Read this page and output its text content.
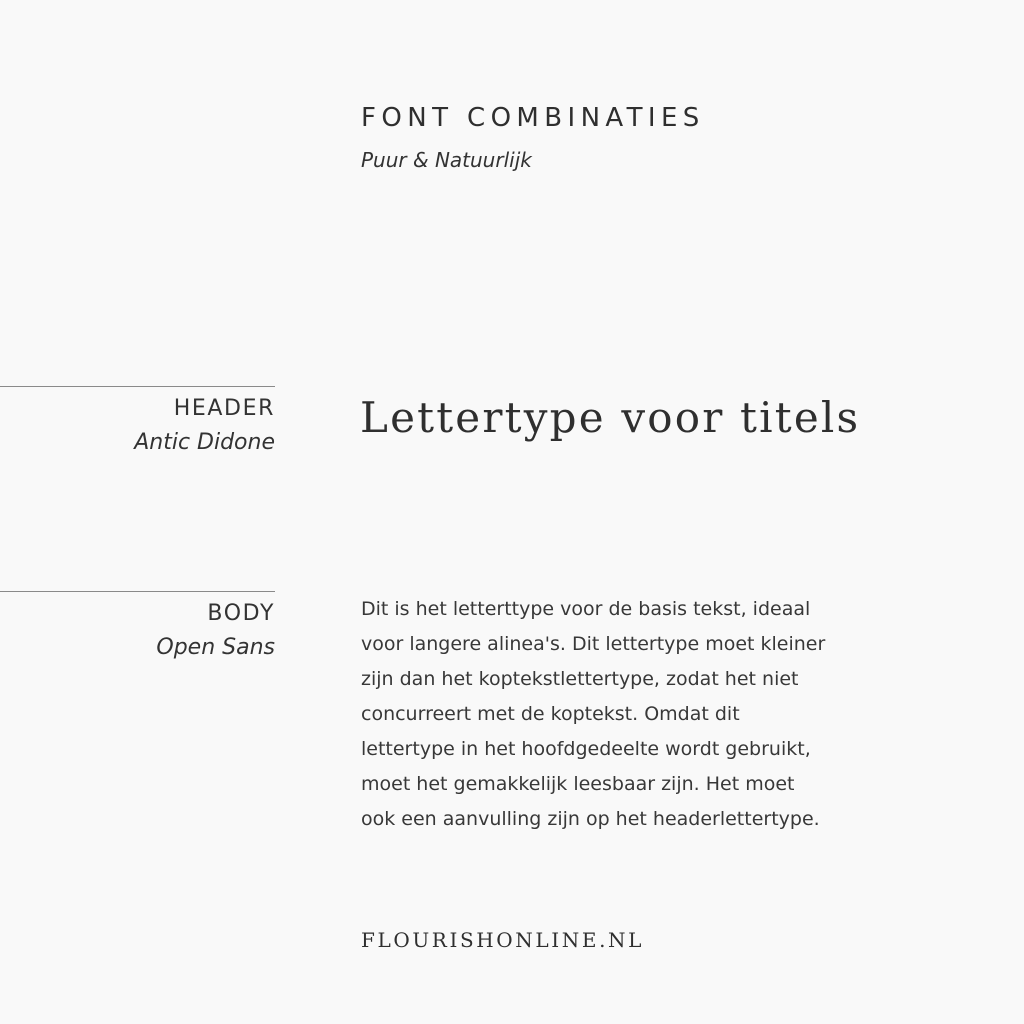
FONT COMBINATIES
Puur & Natuurlijk
HEADER
Antic Didone
Lettertype voor titels
BODY
Open Sans
Dit is het letterttype voor de basis tekst, ideaal
voor langere alinea's. Dit lettertype moet kleiner
zijn dan het koptekstlettertype, zodat het niet
concurreert met de koptekst. Omdat dit
lettertype in het hoofdgedeelte wordt gebruikt,
moet het gemakkelijk leesbaar zijn. Het moet
ook een aanvulling zijn op het headerlettertype.
FLOURISHONLINE.NL
